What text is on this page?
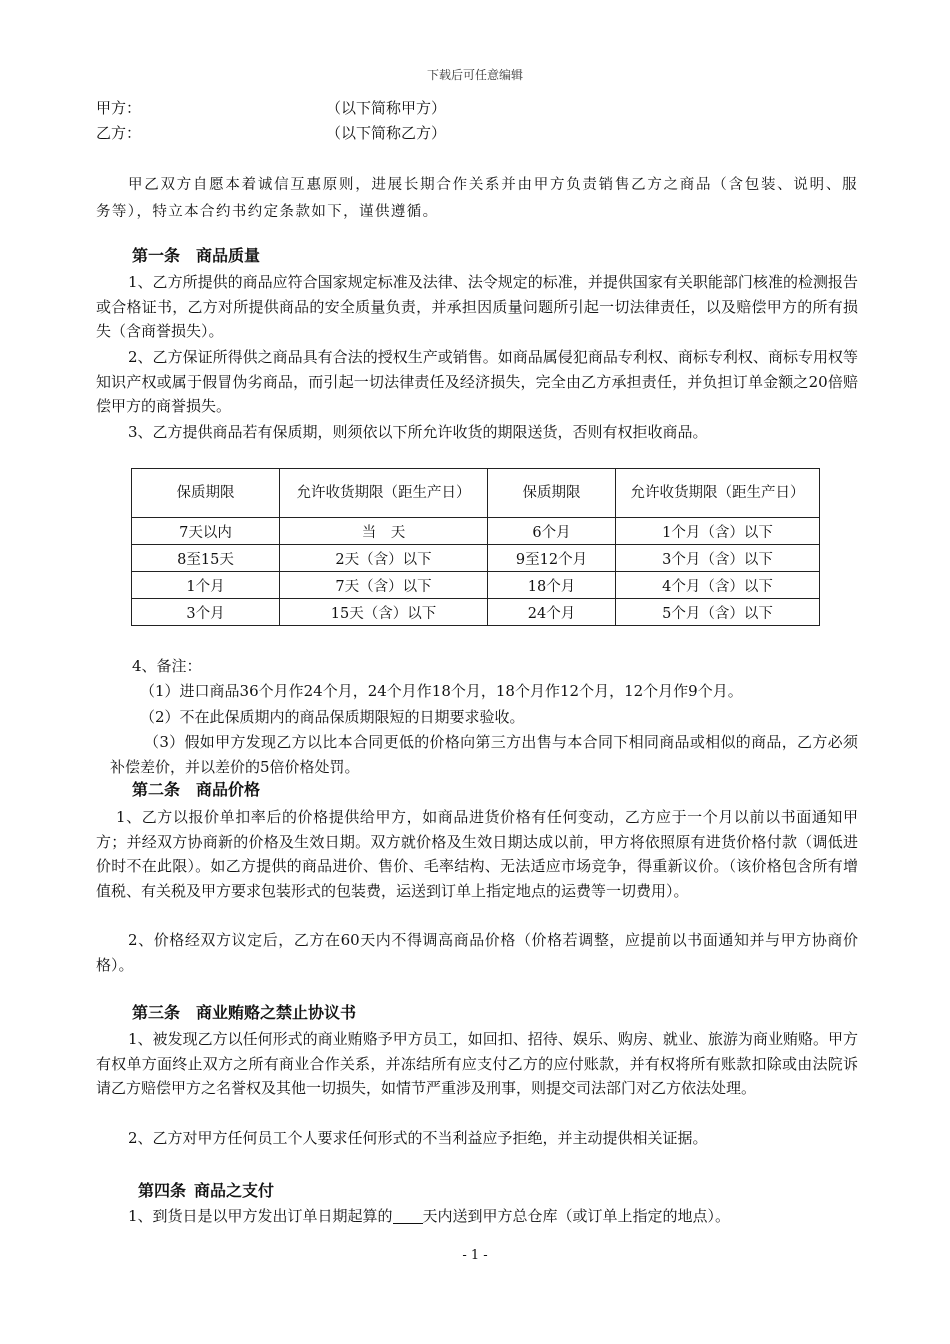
下载后可任意编辑
甲方：	（以下简称甲方）
乙方：	（以下简称乙方）
甲乙双方自愿本着诚信互惠原则，进展长期合作关系并由甲方负责销售乙方之商品（含包装、说明、服务等），特立本合约书约定条款如下，谨供遵循。
第一条 商品质量
1、乙方所提供的商品应符合国家规定标准及法律、法令规定的标准，并提供国家有关职能部门核准的检测报告或合格证书，乙方对所提供商品的安全质量负责，并承担因质量问题所引起一切法律责任，以及赔偿甲方的所有损失（含商誉损失）。
2、乙方保证所得供之商品具有合法的授权生产或销售。如商品属侵犯商品专利权、商标专利权、商标专用权等知识产权或属于假冒伪劣商品，而引起一切法律责任及经济损失，完全由乙方承担责任，并负担订单金额之20倍赔偿甲方的商誉损失。
3、乙方提供商品若有保质期，则须依以下所允许收货的期限送货，否则有权拒收商品。
保质期限	允许收货期限（距生产日）	保质期限	允许收货期限（距生产日）
7天以内	当　天	6个月	1个月（含）以下
8至15天	2天（含）以下	9至12个月	3个月（含）以下
1个月	7天（含）以下	18个月	4个月（含）以下
3个月	15天（含）以下	24个月	5个月（含）以下
4、备注：
（1）进口商品36个月作24个月，24个月作18个月，18个月作12个月，12个月作9个月。
（2）不在此保质期内的商品保质期限短的日期要求验收。
（3）假如甲方发现乙方以比本合同更低的价格向第三方出售与本合同下相同商品或相似的商品，乙方必须补偿差价，并以差价的5倍价格处罚。
第二条 商品价格
1、乙方以报价单扣率后的价格提供给甲方，如商品进货价格有任何变动，乙方应于一个月以前以书面通知甲方；并经双方协商新的价格及生效日期。双方就价格及生效日期达成以前，甲方将依照原有进货价格付款（调低进价时不在此限）。如乙方提供的商品进价、售价、毛率结构、无法适应市场竞争，得重新议价。（该价格包含所有增值税、有关税及甲方要求包装形式的包装费，运送到订单上指定地点的运费等一切费用）。
2、价格经双方议定后，乙方在60天内不得调高商品价格（价格若调整，应提前以书面通知并与甲方协商价格）。
第三条 商业贿赂之禁止协议书
1、被发现乙方以任何形式的商业贿赂予甲方员工，如回扣、招待、娱乐、购房、就业、旅游为商业贿赂。甲方有权单方面终止双方之所有商业合作关系，并冻结所有应支付乙方的应付账款，并有权将所有账款扣除或由法院诉请乙方赔偿甲方之名誉权及其他一切损失，如情节严重涉及刑事，则提交司法部门对乙方依法处理。
2、乙方对甲方任何员工个人要求任何形式的不当利益应予拒绝，并主动提供相关证据。
第四条 商品之支付
1、到货日是以甲方发出订单日期起算的 天内送到甲方总仓库（或订单上指定的地点）。
- 1 -
